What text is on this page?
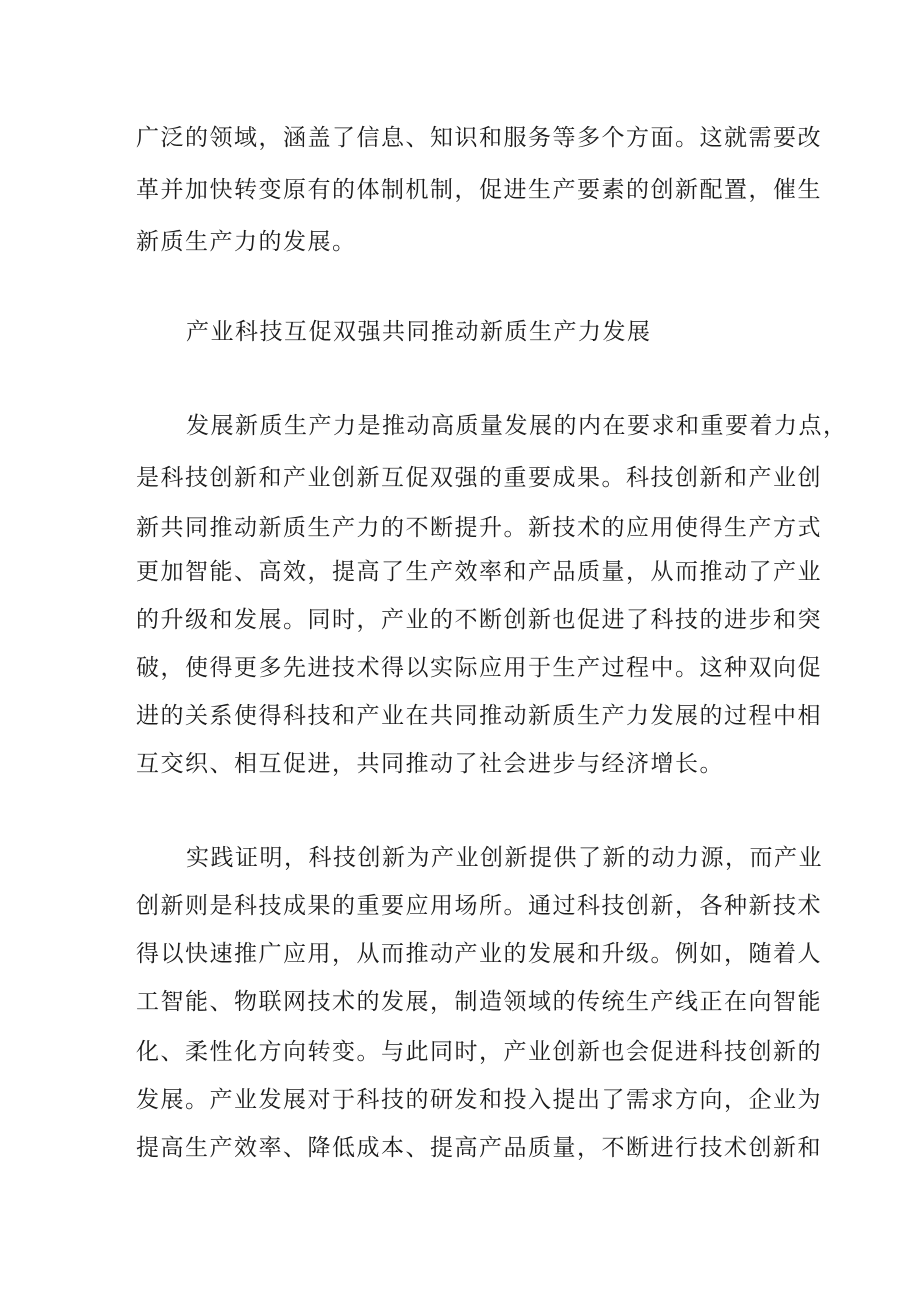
广泛的领域，涵盖了信息、知识和服务等多个方面。这就需要改
革并加快转变原有的体制机制，促进生产要素的创新配置，催生
新质生产力的发展。
产业科技互促双强共同推动新质生产力发展
发展新质生产力是推动高质量发展的内在要求和重要着力点，
是科技创新和产业创新互促双强的重要成果。科技创新和产业创
新共同推动新质生产力的不断提升。新技术的应用使得生产方式
更加智能、高效，提高了生产效率和产品质量，从而推动了产业
的升级和发展。同时，产业的不断创新也促进了科技的进步和突
破，使得更多先进技术得以实际应用于生产过程中。这种双向促
进的关系使得科技和产业在共同推动新质生产力发展的过程中相
互交织、相互促进，共同推动了社会进步与经济增长。
实践证明，科技创新为产业创新提供了新的动力源，而产业
创新则是科技成果的重要应用场所。通过科技创新，各种新技术
得以快速推广应用，从而推动产业的发展和升级。例如，随着人
工智能、物联网技术的发展，制造领域的传统生产线正在向智能
化、柔性化方向转变。与此同时，产业创新也会促进科技创新的
发展。产业发展对于科技的研发和投入提出了需求方向，企业为
提高生产效率、降低成本、提高产品质量，不断进行技术创新和
